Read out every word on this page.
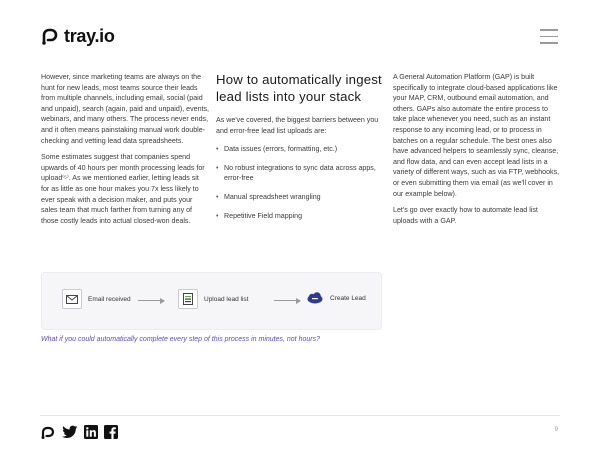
tray.io

However, since marketing teams are always on the hunt for new leads, most teams source their leads from multiple channels, including email, social (paid and unpaid), search (again, paid and unpaid), events, webinars, and many others. The process never ends, and it often means painstaking manual work double-checking and vetting lead data spreadsheets.

Some estimates suggest that companies spend upwards of 40 hours per month processing leads for upload⁽⁵⁾. As we mentioned earlier, letting leads sit for as little as one hour makes you 7x less likely to ever speak with a decision maker, and puts your sales team that much farther from turning any of those costly leads into actual closed-won deals.

How to automatically ingest lead lists into your stack

As we've covered, the biggest barriers between you and error-free lead list uploads are:

• Data issues (errors, formatting, etc.)
• No robust integrations to sync data across apps, error-free
• Manual spreadsheet wrangling
• Repetitive Field mapping

A General Automation Platform (GAP) is built specifically to integrate cloud-based applications like your MAP, CRM, outbound email automation, and others. GAPs also automate the entire process to take place whenever you need, such as an instant response to any incoming lead, or to process in batches on a regular schedule. The best ones also have advanced helpers to seamlessly sync, cleanse, and flow data, and can even accept lead lists in a variety of different ways, such as via FTP, webhooks, or even submitting them via email (as we'll cover in our example below).

Let's go over exactly how to automate lead list uploads with a GAP.

Email received	Upload lead list	Create Lead
What if you could automatically complete every step of this process in minutes, not hours?
9
